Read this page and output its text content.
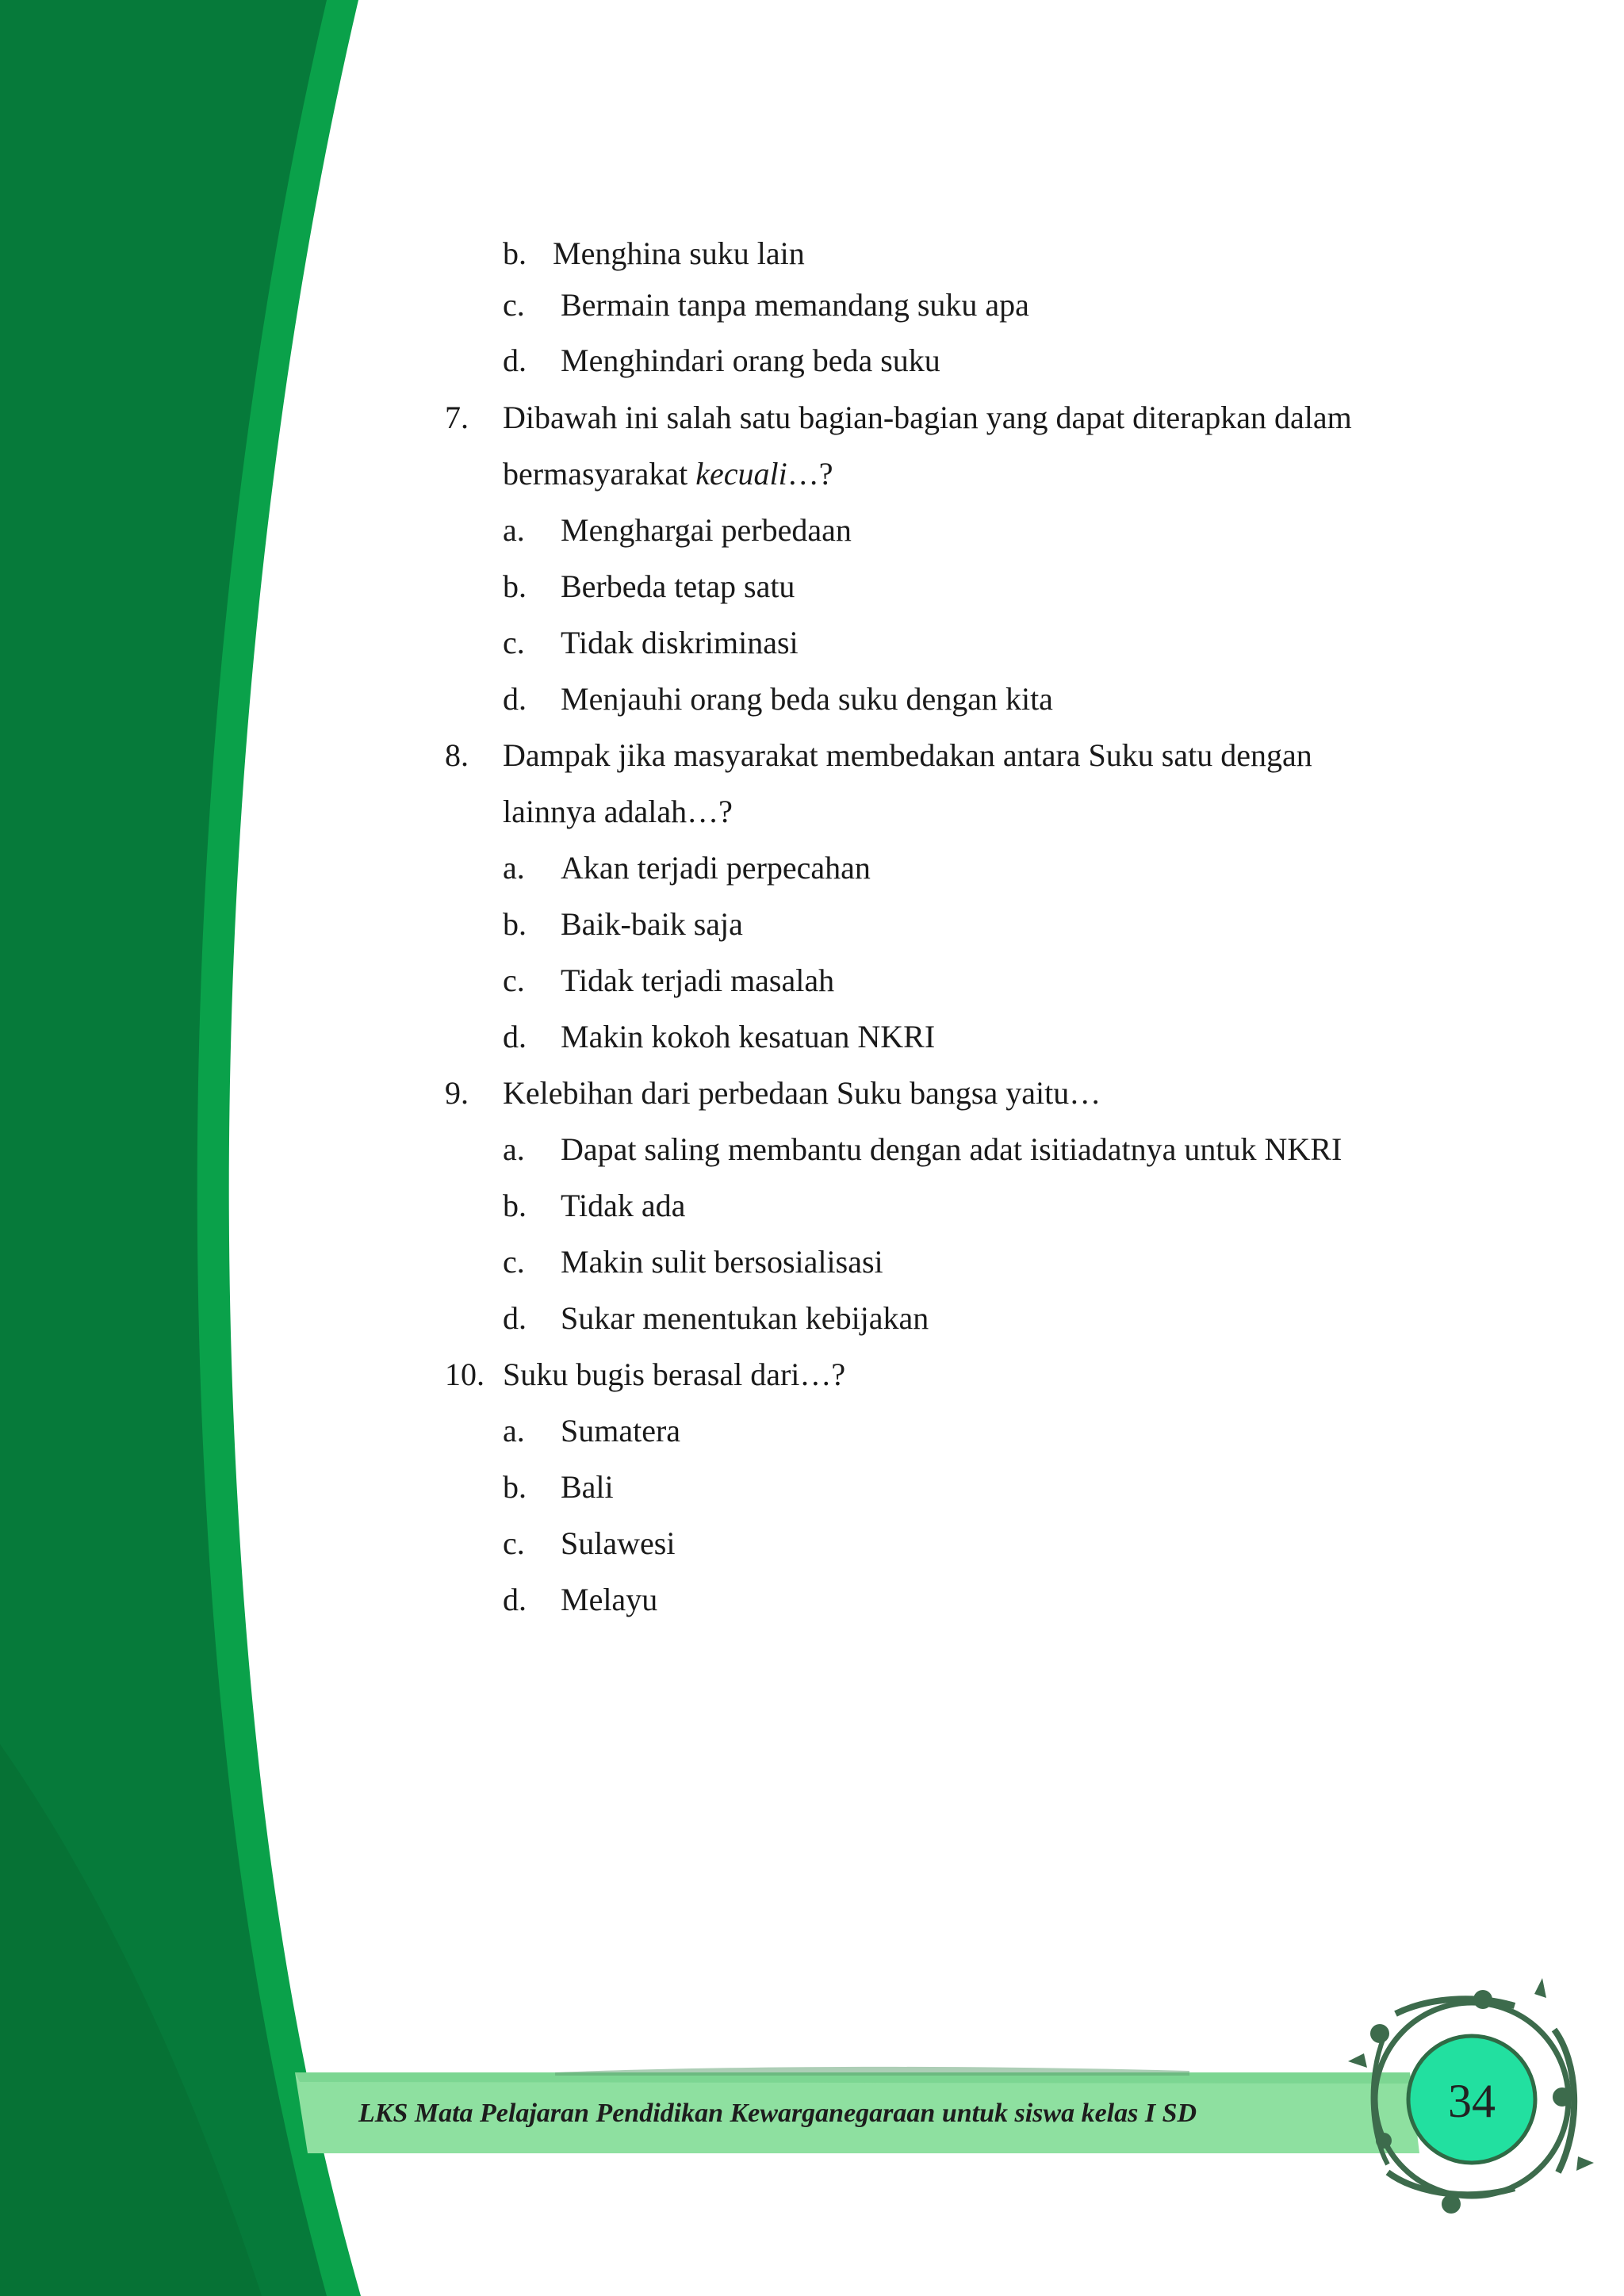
b. Menghina suku lain
c. Bermain tanpa memandang suku apa
d. Menghindari orang beda suku
7. Dibawah ini salah satu bagian-bagian yang dapat diterapkan dalam
bermasyarakat kecuali…?
a. Menghargai perbedaan
b. Berbeda tetap satu
c. Tidak diskriminasi
d. Menjauhi orang beda suku dengan kita
8. Dampak jika masyarakat membedakan antara Suku satu dengan
lainnya adalah…?
a. Akan terjadi perpecahan
b. Baik-baik saja
c. Tidak terjadi masalah
d. Makin kokoh kesatuan NKRI
9. Kelebihan dari perbedaan Suku bangsa yaitu…
a. Dapat saling membantu dengan adat isitiadatnya untuk NKRI
b. Tidak ada
c. Makin sulit bersosialisasi
d. Sukar menentukan kebijakan
10. Suku bugis berasal dari…?
a. Sumatera
b. Bali
c. Sulawesi
d. Melayu
LKS Mata Pelajaran Pendidikan Kewarganegaraan untuk siswa kelas I SD	34
